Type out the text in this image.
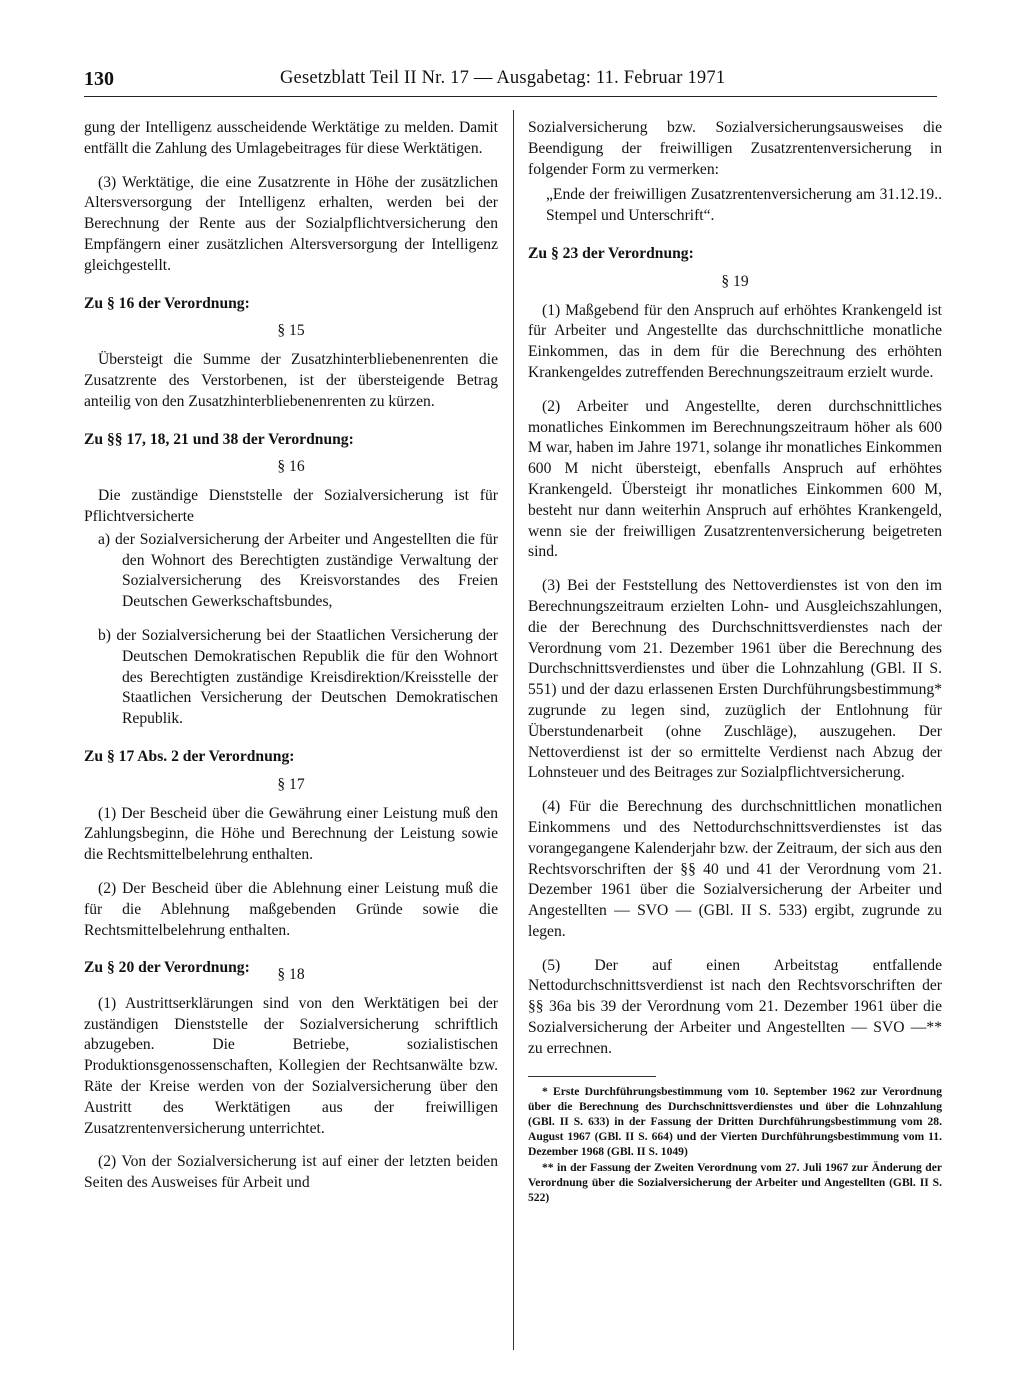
130	Gesetzblatt Teil II Nr. 17 — Ausgabetag: 11. Februar 1971

gung der Intelligenz ausscheidende Werktätige zu melden. Damit entfällt die Zahlung des Umlagebeitrages für diese Werktätigen.

(3) Werktätige, die eine Zusatzrente in Höhe der zusätzlichen Altersversorgung der Intelligenz erhalten, werden bei der Berechnung der Rente aus der Sozialpflichtversicherung den Empfängern einer zusätzlichen Altersversorgung der Intelligenz gleichgestellt.

Zu § 16 der Verordnung:

§ 15

Übersteigt die Summe der Zusatzhinterbliebenenrenten die Zusatzrente des Verstorbenen, ist der übersteigende Betrag anteilig von den Zusatzhinterbliebenenrenten zu kürzen.

Zu §§ 17, 18, 21 und 38 der Verordnung:

§ 16

Die zuständige Dienststelle der Sozialversicherung ist für Pflichtversicherte

a) der Sozialversicherung der Arbeiter und Angestellten die für den Wohnort des Berechtigten zuständige Verwaltung der Sozialversicherung des Kreisvorstandes des Freien Deutschen Gewerkschaftsbundes,

b) der Sozialversicherung bei der Staatlichen Versicherung der Deutschen Demokratischen Republik die für den Wohnort des Berechtigten zuständige Kreisdirektion/Kreisstelle der Staatlichen Versicherung der Deutschen Demokratischen Republik.

Zu § 17 Abs. 2 der Verordnung:

§ 17

(1) Der Bescheid über die Gewährung einer Leistung muß den Zahlungsbeginn, die Höhe und Berechnung der Leistung sowie die Rechtsmittelbelehrung enthalten.

(2) Der Bescheid über die Ablehnung einer Leistung muß die für die Ablehnung maßgebenden Gründe sowie die Rechtsmittelbelehrung enthalten.

Zu § 20 der Verordnung:	§ 18

(1) Austrittserklärungen sind von den Werktätigen bei der zuständigen Dienststelle der Sozialversicherung schriftlich abzugeben. Die Betriebe, sozialistischen Produktionsgenossenschaften, Kollegien der Rechtsanwälte bzw. Räte der Kreise werden von der Sozialversicherung über den Austritt des Werktätigen aus der freiwilligen Zusatzrentenversicherung unterrichtet.

(2) Von der Sozialversicherung ist auf einer der letzten beiden Seiten des Ausweises für Arbeit und

Sozialversicherung bzw. Sozialversicherungsausweises die Beendigung der freiwilligen Zusatzrentenversicherung in folgender Form zu vermerken:

„Ende der freiwilligen Zusatzrentenversicherung am 31.12.19.. Stempel und Unterschrift“.

Zu § 23 der Verordnung:

§ 19

(1) Maßgebend für den Anspruch auf erhöhtes Krankengeld ist für Arbeiter und Angestellte das durchschnittliche monatliche Einkommen, das in dem für die Berechnung des erhöhten Krankengeldes zutreffenden Berechnungszeitraum erzielt wurde.

(2) Arbeiter und Angestellte, deren durchschnittliches monatliches Einkommen im Berechnungszeitraum höher als 600 M war, haben im Jahre 1971, solange ihr monatliches Einkommen 600 M nicht übersteigt, ebenfalls Anspruch auf erhöhtes Krankengeld. Übersteigt ihr monatliches Einkommen 600 M, besteht nur dann weiterhin Anspruch auf erhöhtes Krankengeld, wenn sie der freiwilligen Zusatzrentenversicherung beigetreten sind.

(3) Bei der Feststellung des Nettoverdienstes ist von den im Berechnungszeitraum erzielten Lohn- und Ausgleichszahlungen, die der Berechnung des Durchschnittsverdienstes nach der Verordnung vom 21. Dezember 1961 über die Berechnung des Durchschnittsverdienstes und über die Lohnzahlung (GBl. II S. 551) und der dazu erlassenen Ersten Durchführungsbestimmung* zugrunde zu legen sind, zuzüglich der Entlohnung für Überstundenarbeit (ohne Zuschläge), auszugehen. Der Nettoverdienst ist der so ermittelte Verdienst nach Abzug der Lohnsteuer und des Beitrages zur Sozialpflichtversicherung.

(4) Für die Berechnung des durchschnittlichen monatlichen Einkommens und des Nettodurchschnittsverdienstes ist das vorangegangene Kalenderjahr bzw. der Zeitraum, der sich aus den Rechtsvorschriften der §§ 40 und 41 der Verordnung vom 21. Dezember 1961 über die Sozialversicherung der Arbeiter und Angestellten — SVO — (GBl. II S. 533) ergibt, zugrunde zu legen.

(5) Der auf einen Arbeitstag entfallende Nettodurchschnittsverdienst ist nach den Rechtsvorschriften der §§ 36a bis 39 der Verordnung vom 21. Dezember 1961 über die Sozialversicherung der Arbeiter und Angestellten — SVO —** zu errechnen.

* Erste Durchführungsbestimmung vom 10. September 1962 zur Verordnung über die Berechnung des Durchschnittsverdienstes und über die Lohnzahlung (GBl. II S. 633) in der Fassung der Dritten Durchführungsbestimmung vom 28. August 1967 (GBl. II S. 664) und der Vierten Durchführungsbestimmung vom 11. Dezember 1968 (GBl. II S. 1049)

** in der Fassung der Zweiten Verordnung vom 27. Juli 1967 zur Änderung der Verordnung über die Sozialversicherung der Arbeiter und Angestellten (GBl. II S. 522)
